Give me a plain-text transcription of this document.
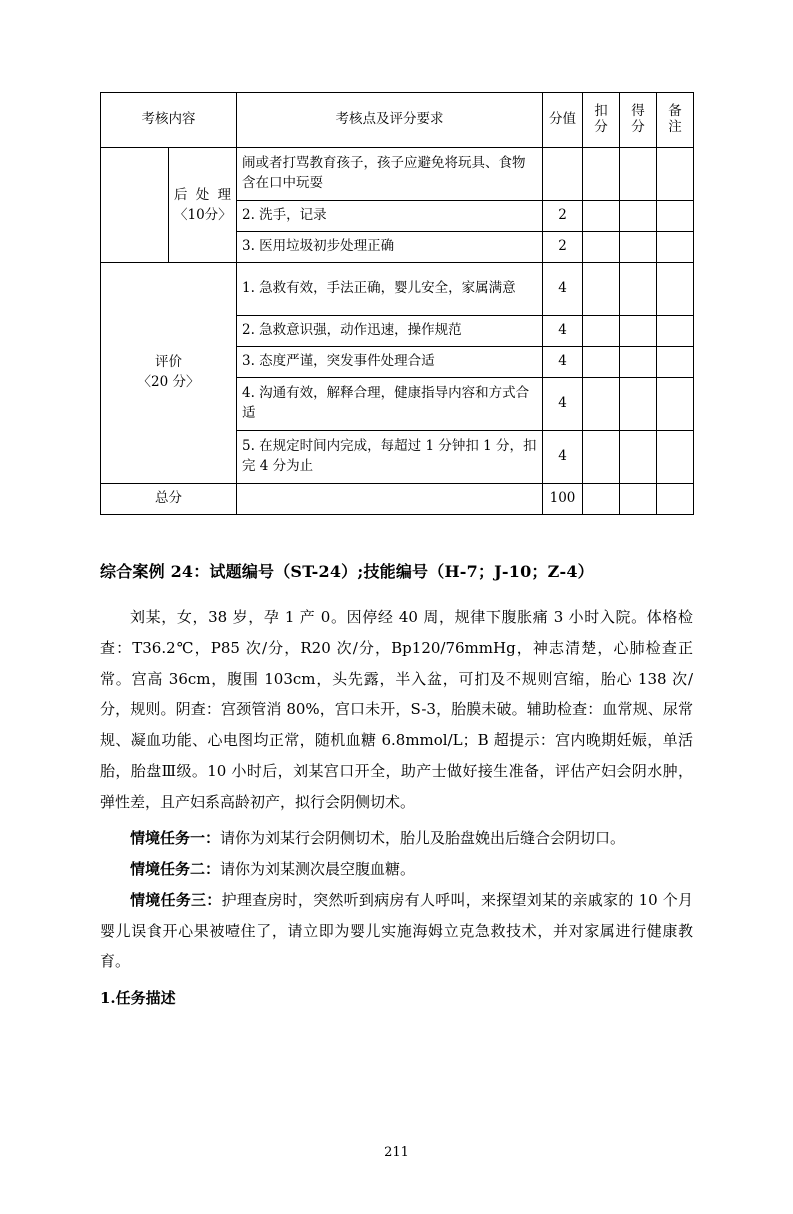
考核内容		考核点及评分要求	分值	扣分	得分	备注

	后 处 理〈10分〉	闹或者打骂教育孩子，孩子应避免将玩具、食物含在口中玩耍				
		2. 洗手，记录	2			
		3. 医用垃圾初步处理正确	2			

评价
〈20 分〉		1. 急救有效，手法正确，婴儿安全，家属满意	4			
		2. 急救意识强，动作迅速，操作规范	4			
		3. 态度严谨，突发事件处理合适	4			
		4. 沟通有效，解释合理，健康指导内容和方式合适	4			
		5. 在规定时间内完成，每超过 1 分钟扣 1 分，扣完 4 分为止	4			
总分			100			
综合案例 24：试题编号（ST-24）;技能编号（H-7；J-10；Z-4）

刘某，女，38 岁，孕 1 产 0。因停经 40 周，规律下腹胀痛 3 小时入院。体格检查：T36.2℃，P85 次/分，R20 次/分，Bp120/76mmHg，神志清楚，心肺检查正常。宫高 36cm，腹围 103cm，头先露，半入盆，可扪及不规则宫缩，胎心 138 次/分，规则。阴查：宫颈管消 80%，宫口未开，S-3，胎膜未破。辅助检查：血常规、尿常规、凝血功能、心电图均正常，随机血糖 6.8mmol/L；B 超提示：宫内晚期妊娠，单活胎，胎盘Ⅲ级。10 小时后，刘某宫口开全，助产士做好接生准备，评估产妇会阴水肿，弹性差，且产妇系高龄初产，拟行会阴侧切术。

情境任务一：请你为刘某行会阴侧切术，胎儿及胎盘娩出后缝合会阴切口。

情境任务二：请你为刘某测次晨空腹血糖。

情境任务三：护理查房时，突然听到病房有人呼叫，来探望刘某的亲戚家的 10 个月婴儿误食开心果被噎住了，请立即为婴儿实施海姆立克急救技术，并对家属进行健康教育。

1.任务描述

211
